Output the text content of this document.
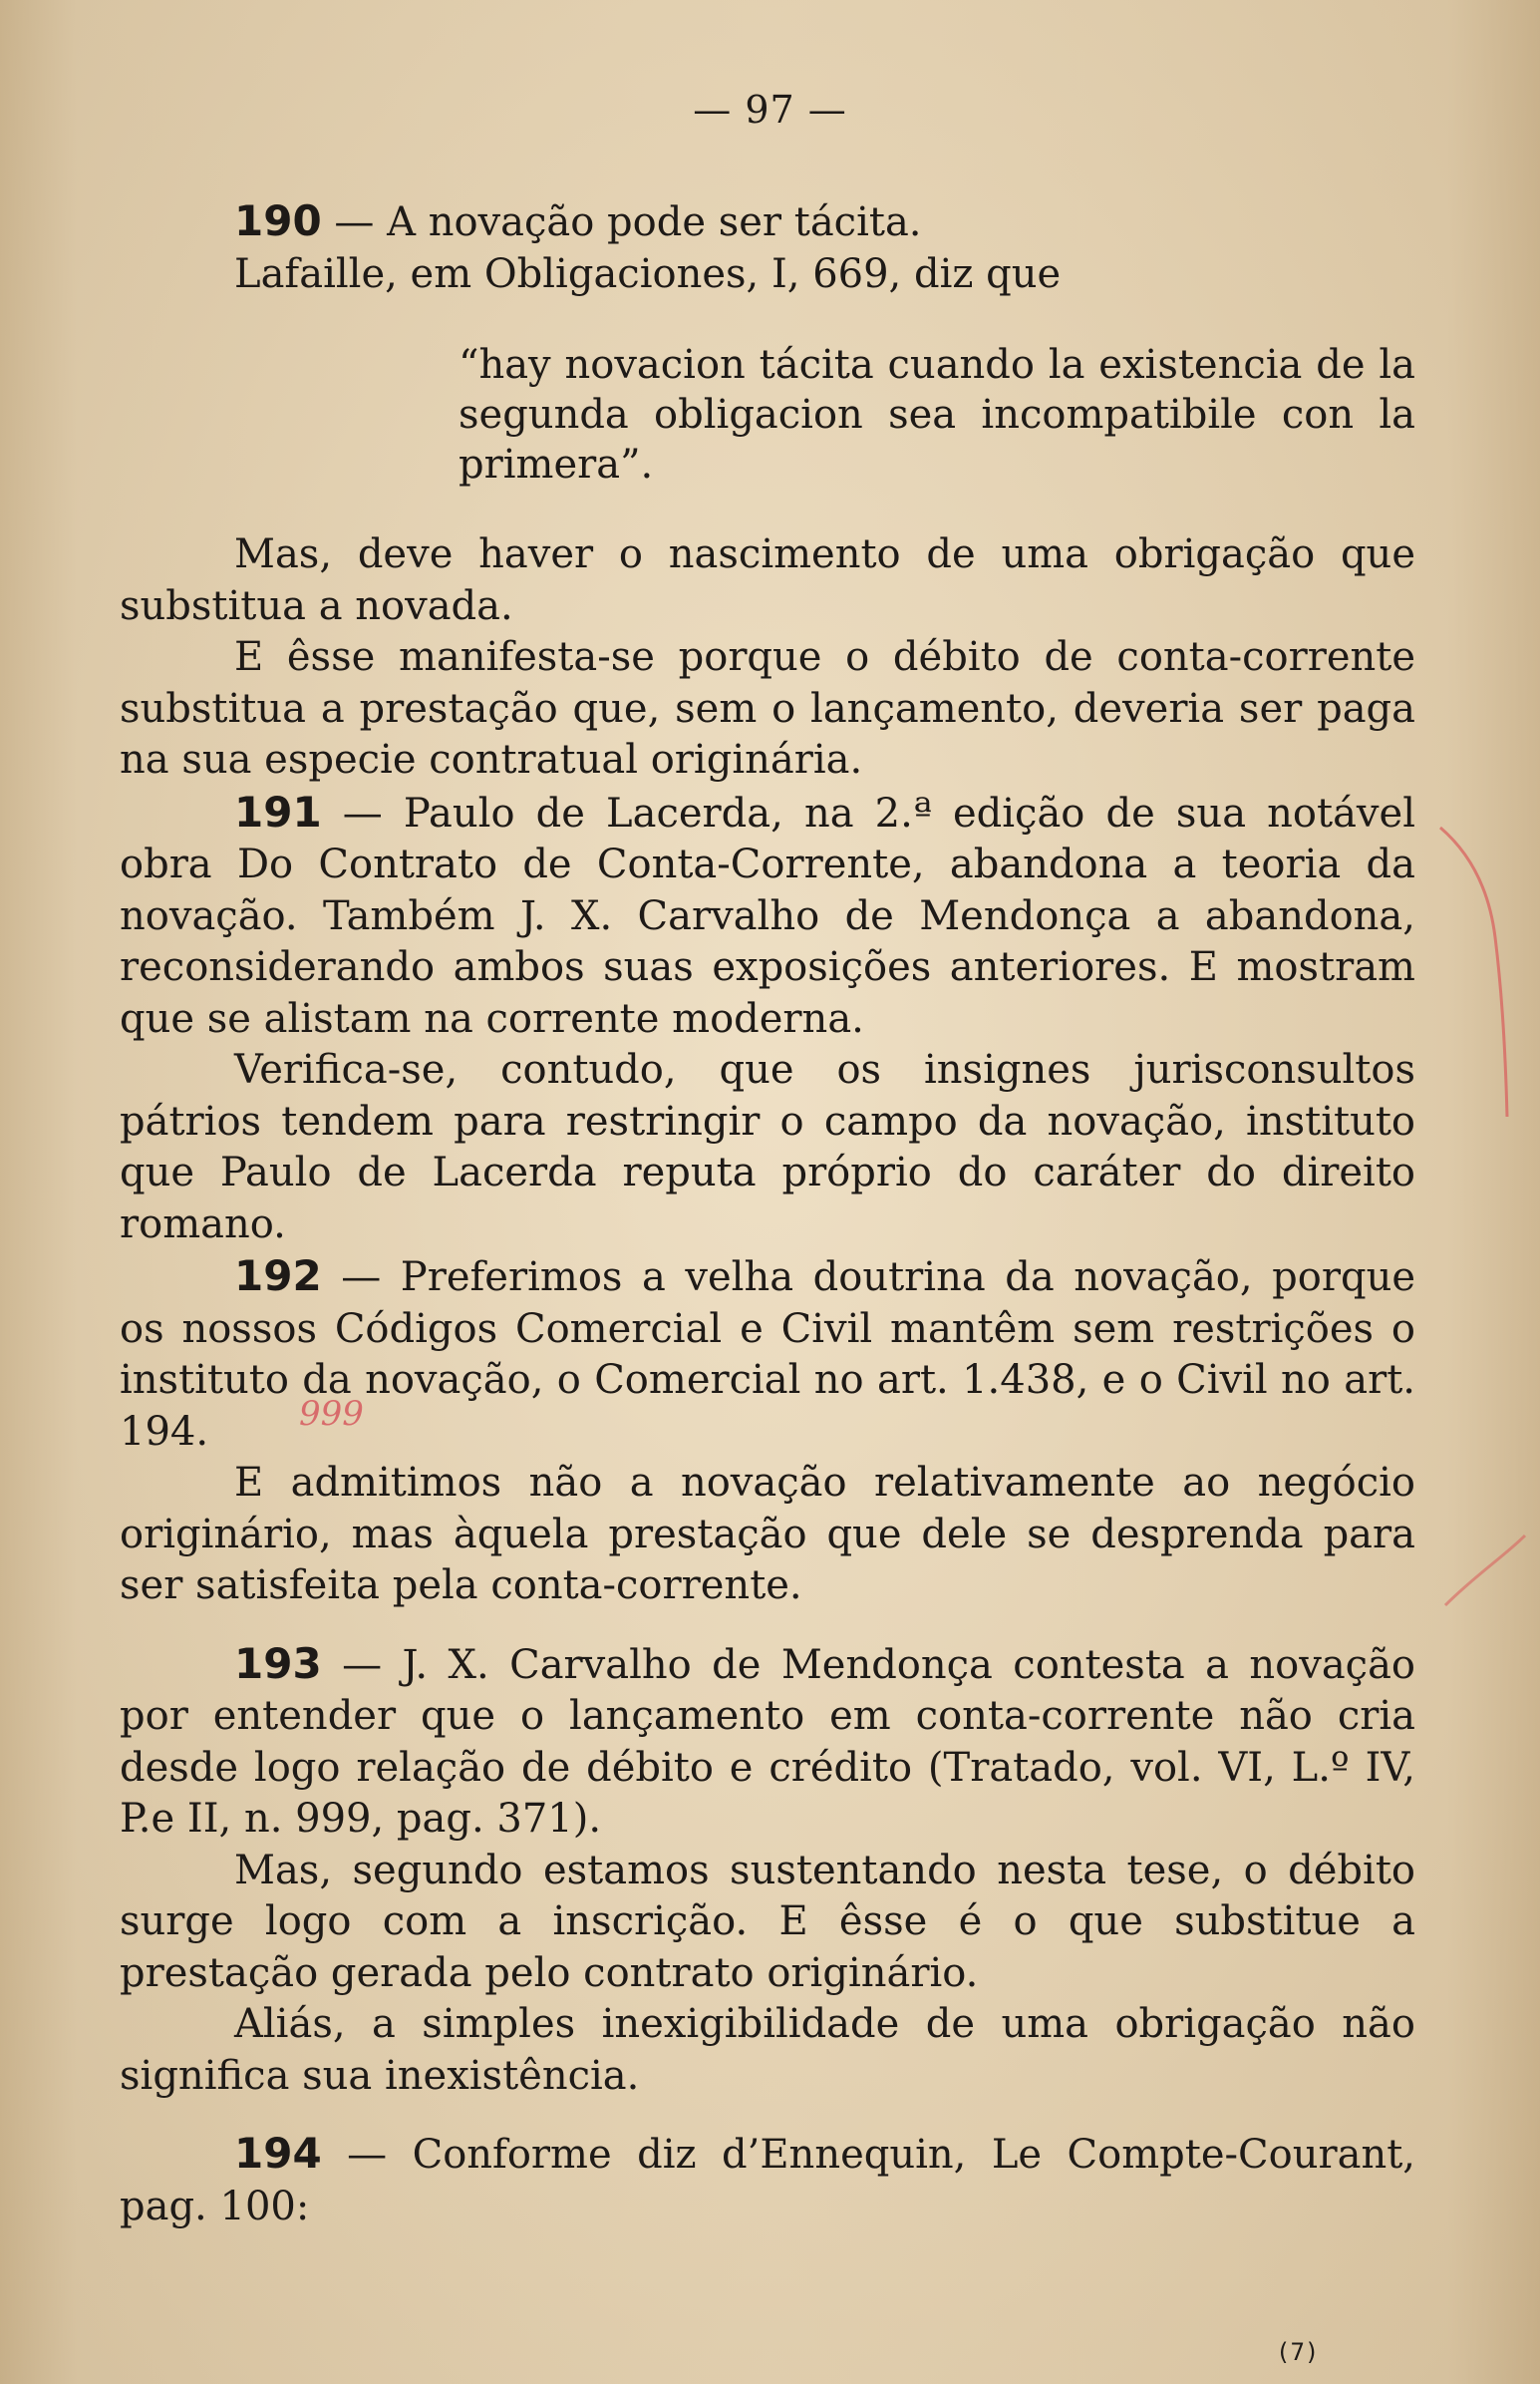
— 97 —

190 — A novação pode ser tácita.

Lafaille, em Obligaciones, I, 669, diz que

“hay novacion tácita cuando la existencia de la segunda obligacion sea incompatibile con la primera”.

Mas, deve haver o nascimento de uma obrigação que substitua a novada.

E êsse manifesta-se porque o débito de conta-corrente substitua a prestação que, sem o lançamento, deveria ser paga na sua especie contratual originária.

191 — Paulo de Lacerda, na 2.ª edição de sua notável obra Do Contrato de Conta-Corrente, abandona a teoria da novação. Também J. X. Carvalho de Mendonça a abandona, reconsiderando ambos suas exposições anteriores. E mostram que se alistam na corrente moderna.

Verifica-se, contudo, que os insignes jurisconsultos pátrios tendem para restringir o campo da novação, instituto que Paulo de Lacerda reputa próprio do caráter do direito romano.

192 — Preferimos a velha doutrina da novação, porque os nossos Códigos Comercial e Civil mantêm sem restrições o instituto da novação, o Comercial no art. 1.438, e o Civil no art. 194.

E admitimos não a novação relativamente ao negócio originário, mas àquela prestação que dele se desprenda para ser satisfeita pela conta-corrente.

193 — J. X. Carvalho de Mendonça contesta a novação por entender que o lançamento em conta-corrente não cria desde logo relação de débito e crédito (Tratado, vol. VI, L.º IV, P.e II, n. 999, pag. 371).

Mas, segundo estamos sustentando nesta tese, o débito surge logo com a inscrição. E êsse é o que substitue a prestação gerada pelo contrato originário.

Aliás, a simples inexigibilidade de uma obrigação não significa sua inexistência.

194 — Conforme diz d’Ennequin, Le Compte-Courant, pag. 100:

999
(7)
